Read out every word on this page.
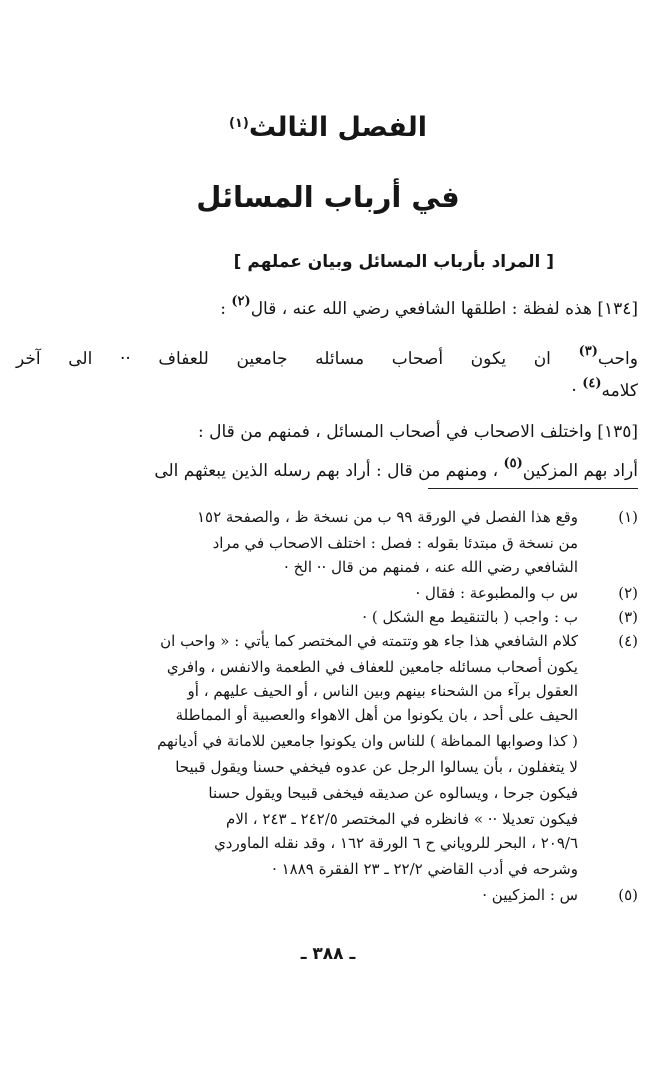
الفصل الثالث$^{(١)}$
في أرباب المسائل
[ المراد بأرباب المسائل وبيان عملهم ]
[١٣٤] هذه لفظة : اطلقها الشافعي رضي الله عنه ، قال$^{(٢)}$ :
واحب$^{(٣)}$ ان يكون أصحاب مسائله جامعين للعفاف ·· الى آخر
كلامه$^{(٤)}$ ·
[١٣٥] واختلف الاصحاب في أصحاب المسائل ، فمنهم من قال :
أراد بهم المزكين$^{(٥)}$ ، ومنهم من قال : أراد بهم رسله الذين يبعثهم الى
(١)
وقع هذا الفصل في الورقة ٩٩ ب من نسخة ظ ، والصفحة ١٥٢
من نسخة ق مبتدئا بقوله : فصل : اختلف الاصحاب في مراد
الشافعي رضي الله عنه ، فمنهم من قال ·· الخ ·
(٢)
س ب والمطبوعة : فقال ·
(٣)
ب : واجب ( بالتنقيط مع الشكل ) ·
(٤)
كلام الشافعي هذا جاء هو وتتمته في المختصر كما يأتي : « واحب ان
يكون أصحاب مسائله جامعين للعفاف في الطعمة والانفس ، وافري
العقول برآء من الشحناء بينهم وبين الناس ، أو الحيف عليهم ، أو
الحيف على أحد ، بان يكونوا من أهل الاهواء والعصبية أو المماطلة
( كذا وصوابها المماظة ) للناس وان يكونوا جامعين للامانة في أديانهم
لا يتغفلون ، بأن يسالوا الرجل عن عدوه فيخفي حسنا ويقول قبيحا
فيكون جرحا ، ويسالوه عن صديقه فيخفى قبيحا ويقول حسنا
فيكون تعديلا ·· » فانظره في المختصر ٢٤٢/٥ ـ ٢٤٣ ، الام
٢٠٩/٦ ، البحر للروياني ح ٦ الورقة ١٦٢ ، وقد نقله الماوردي
وشرحه في أدب القاضي ٢٢/٢ ـ ٢٣ الفقرة ١٨٨٩ ·
(٥)
س : المزكيين ·
ـ ٣٨٨ ـ
